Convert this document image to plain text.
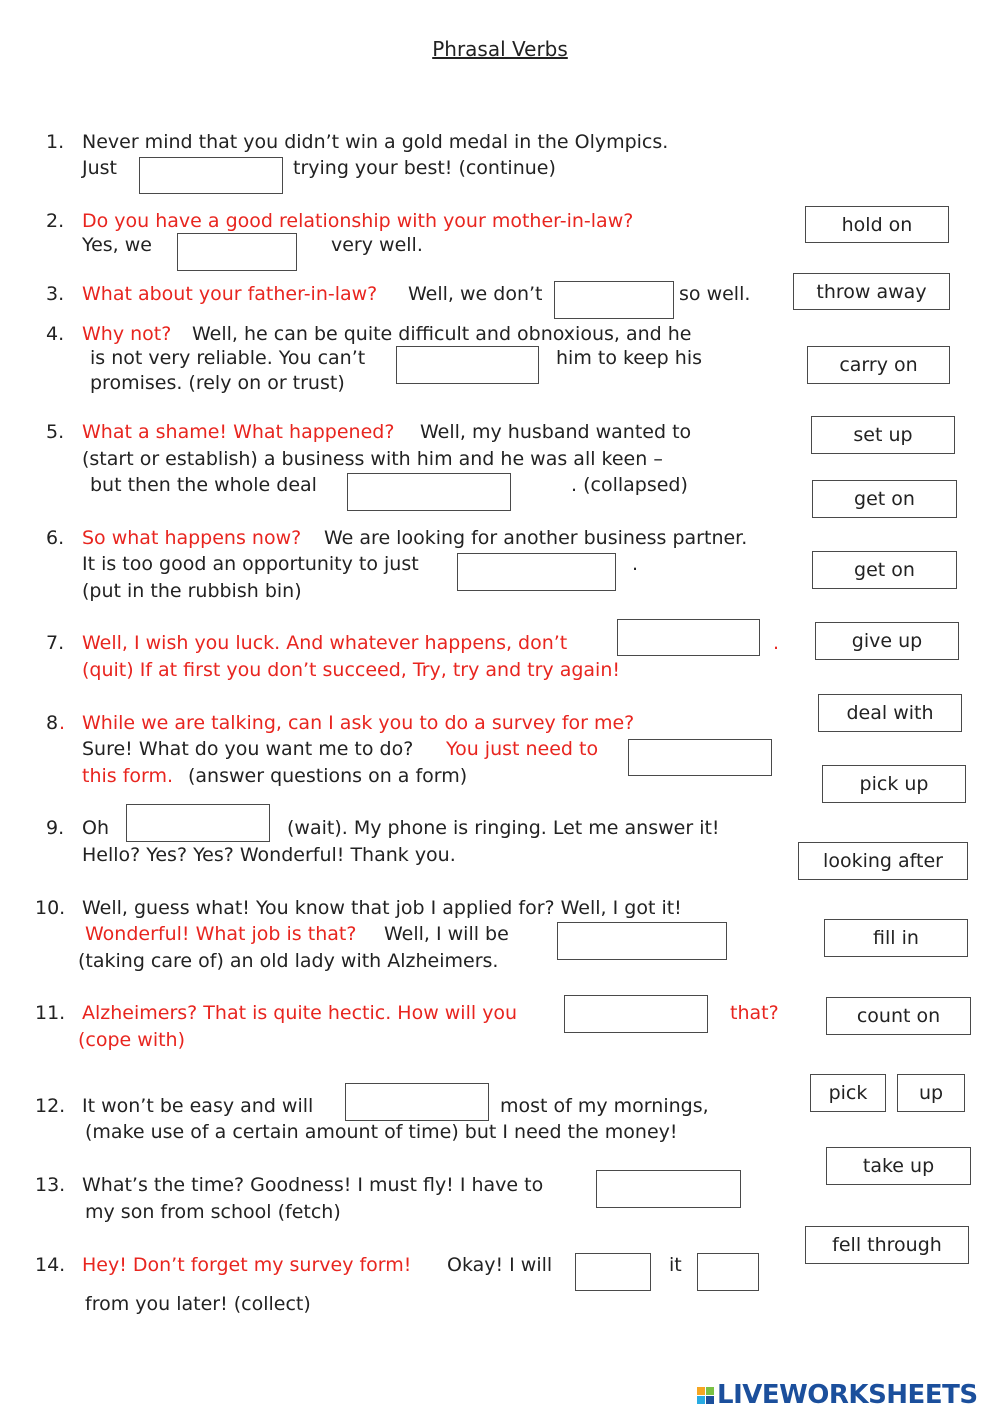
Phrasal Verbs
1. Never mind that you didn’t win a gold medal in the Olympics.
Just	trying your best! (continue)
2. Do you have a good relationship with your mother-in-law?
Yes, we	very well.
3. What about your father-in-law? Well, we don’t	so well.
4. Why not? Well, he can be quite difficult and obnoxious, and he
is not very reliable. You can’t	him to keep his
promises. (rely on or trust)
5. What a shame! What happened? Well, my husband wanted to
(start or establish) a business with him and he was all keen –
but then the whole deal	. (collapsed)
6. So what happens now? We are looking for another business partner.
It is too good an opportunity to just	.
(put in the rubbish bin)
7. Well, I wish you luck. And whatever happens, don’t	.
(quit) If at first you don’t succeed, Try, try and try again!
8 . While we are talking, can I ask you to do a survey for me?
Sure! What do you want me to do? You just need to
this form. (answer questions on a form)
9. Oh	(wait). My phone is ringing. Let me answer it!
Hello? Yes? Yes? Wonderful! Thank you.
10. Well, guess what! You know that job I applied for? Well, I got it!
Wonderful! What job is that? Well, I will be
(taking care of) an old lady with Alzheimers.
11. Alzheimers? That is quite hectic. How will you	that?
(cope with)
12. It won’t be easy and will	most of my mornings,
(make use of a certain amount of time) but I need the money!
13. What’s the time? Goodness! I must fly! I have to
my son from school (fetch)
14. Hey! Don’t forget my survey form! Okay! I will	it
from you later! (collect)
hold on
throw away
carry on
set up
get on
get on
give up
deal with
pick up
looking after
fill in
count on
pick	up
take up
fell through
LIVEWORKSHEETS
